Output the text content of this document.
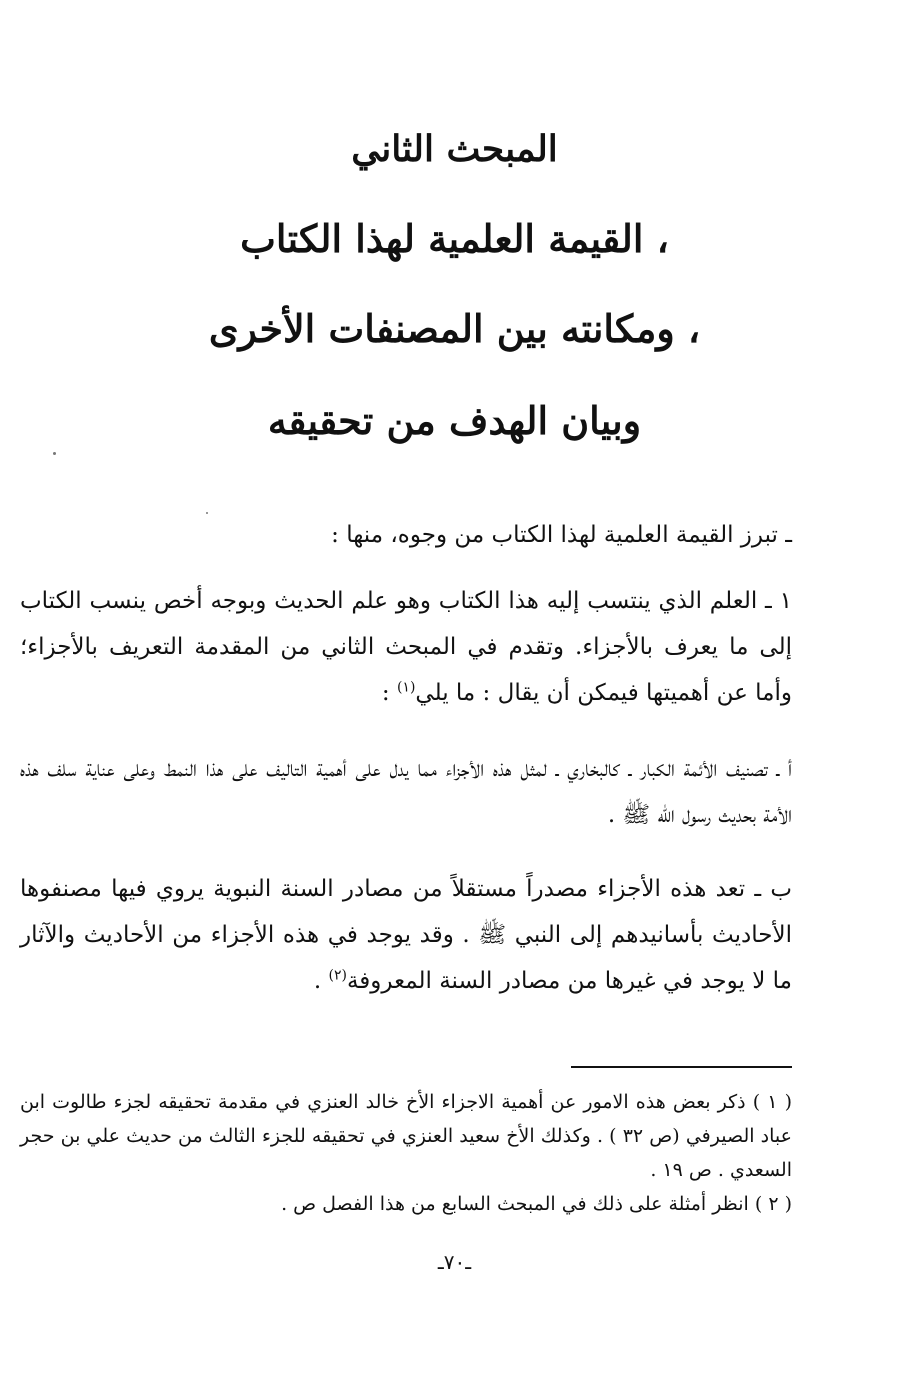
المبحث الثاني
القيمة العلمية لهذا الكتاب ،
ومكانته بين المصنفات الأخرى ،
وبيان الهدف من تحقيقه

ـ تبرز القيمة العلمية لهذا الكتاب من وجوه، منها :

١ ـ العلم الذي ينتسب إليه هذا الكتاب وهو علم الحديث وبوجه أخص ينسب الكتاب إلى ما يعرف بالأجزاء. وتقدم في المبحث الثاني من المقدمة التعريف بالأجزاء؛ وأما عن أهميتها فيمكن أن يقال : ما يلي$^{(١)}$ :

أ ـ تصنيف الأئمة الكبار ـ كالبخاري ـ لمثل هذه الأجزاء مما يدل على أهمية التاليف على هذا النمط وعلى عناية سلف هذه الأمة بحديث رسول الله ﷺ .

ب ـ تعد هذه الأجزاء مصدراً مستقلاً من مصادر السنة النبوية يروي فيها مصنفوها الأحاديث بأسانيدهم إلى النبي ﷺ . وقد يوجد في هذه الأجزاء من الأحاديث والآثار ما لا يوجد في غيرها من مصادر السنة المعروفة$^{(٢)}$ .

( ١ ) ذكر بعض هذه الامور عن أهمية الاجزاء الأخ خالد العنزي في مقدمة تحقيقه لجزء طالوت ابن عباد الصيرفي (ص ٣٢ ) . وكذلك الأخ سعيد العنزي في تحقيقه للجزء الثالث من حديث علي بن حجر السعدي . ص ١٩ .

( ٢ ) انظر أمثلة على ذلك في المبحث السابع من هذا الفصل ص .

ـ٧٠ـ
